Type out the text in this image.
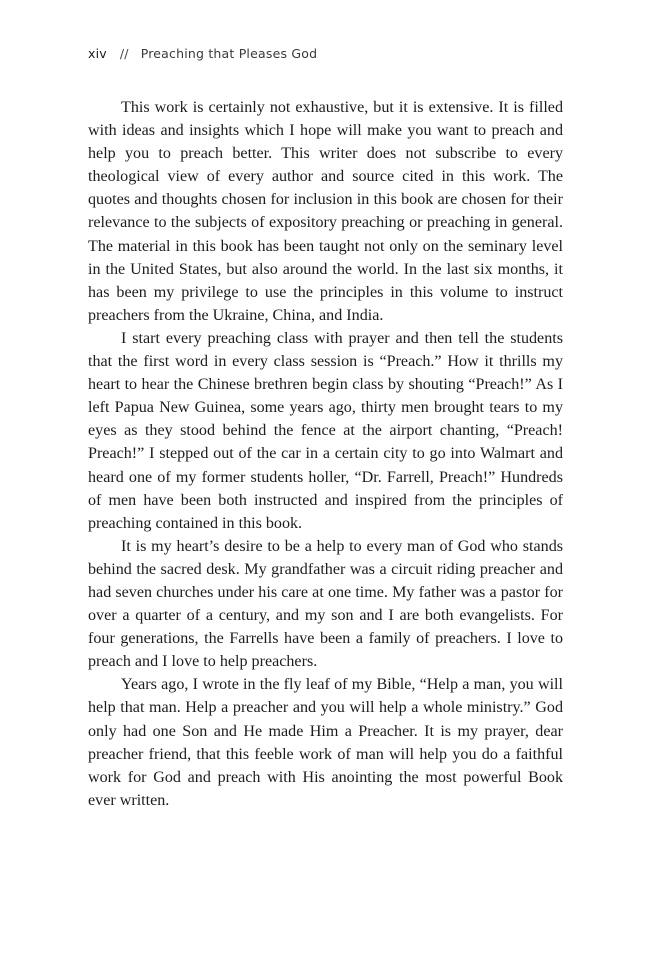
xiv // Preaching that Pleases God

This work is certainly not exhaustive, but it is extensive. It is filled with ideas and insights which I hope will make you want to preach and help you to preach better. This writer does not subscribe to every theological view of every author and source cited in this work. The quotes and thoughts chosen for inclusion in this book are chosen for their relevance to the subjects of expository preaching or preaching in general. The material in this book has been taught not only on the seminary level in the United States, but also around the world. In the last six months, it has been my privilege to use the principles in this volume to instruct preachers from the Ukraine, China, and India.

I start every preaching class with prayer and then tell the students that the first word in every class session is “Preach.” How it thrills my heart to hear the Chinese brethren begin class by shouting “Preach!” As I left Papua New Guinea, some years ago, thirty men brought tears to my eyes as they stood behind the fence at the airport chanting, “Preach! Preach!” I stepped out of the car in a certain city to go into Walmart and heard one of my former students holler, “Dr. Farrell, Preach!” Hundreds of men have been both instructed and inspired from the principles of preaching contained in this book.

It is my heart’s desire to be a help to every man of God who stands behind the sacred desk. My grandfather was a circuit riding preacher and had seven churches under his care at one time. My father was a pastor for over a quarter of a century, and my son and I are both evangelists. For four generations, the Farrells have been a family of preachers. I love to preach and I love to help preachers.

Years ago, I wrote in the fly leaf of my Bible, “Help a man, you will help that man. Help a preacher and you will help a whole ministry.” God only had one Son and He made Him a Preacher. It is my prayer, dear preacher friend, that this feeble work of man will help you do a faithful work for God and preach with His anointing the most powerful Book ever written.
